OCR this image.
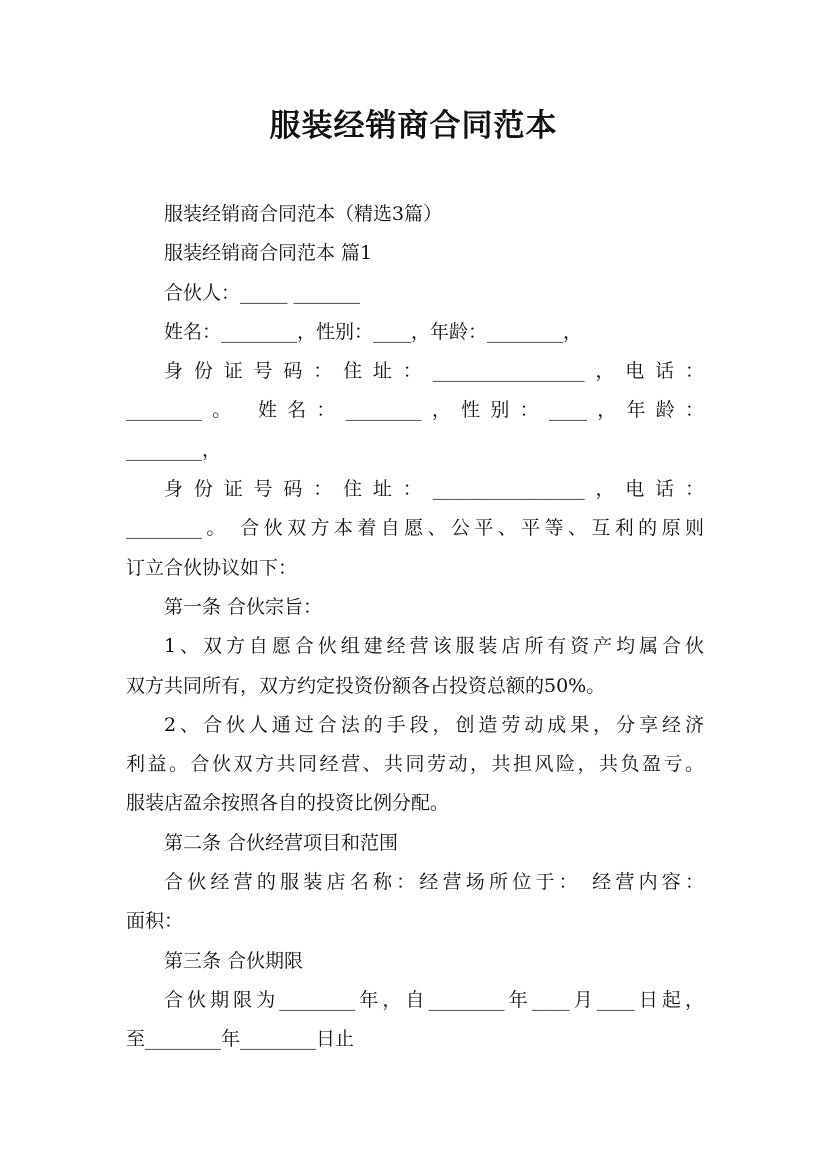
服装经销商合同范本

服装经销商合同范本（精选3篇）

服装经销商合同范本 篇1

合伙人：_____ _______

姓名：________，性别：____，年龄：________，

身份证号码：住址：________________，电话：

________。 姓名：________，性别：____，年龄：

________，

身份证号码：住址：________________，电话：

________。 合伙双方本着自愿、公平、平等、互利的原则

订立合伙协议如下：

第一条 合伙宗旨：

1、双方自愿合伙组建经营该服装店所有资产均属合伙

双方共同所有，双方约定投资份额各占投资总额的50%。

2、合伙人通过合法的手段，创造劳动成果，分享经济

利益。合伙双方共同经营、共同劳动，共担风险，共负盈亏。

服装店盈余按照各自的投资比例分配。

第二条 合伙经营项目和范围

合伙经营的服装店名称：经营场所位于： 经营内容：

面积：

第三条 合伙期限

合伙期限为________年，自________年____月____日起，

至________年________日止
